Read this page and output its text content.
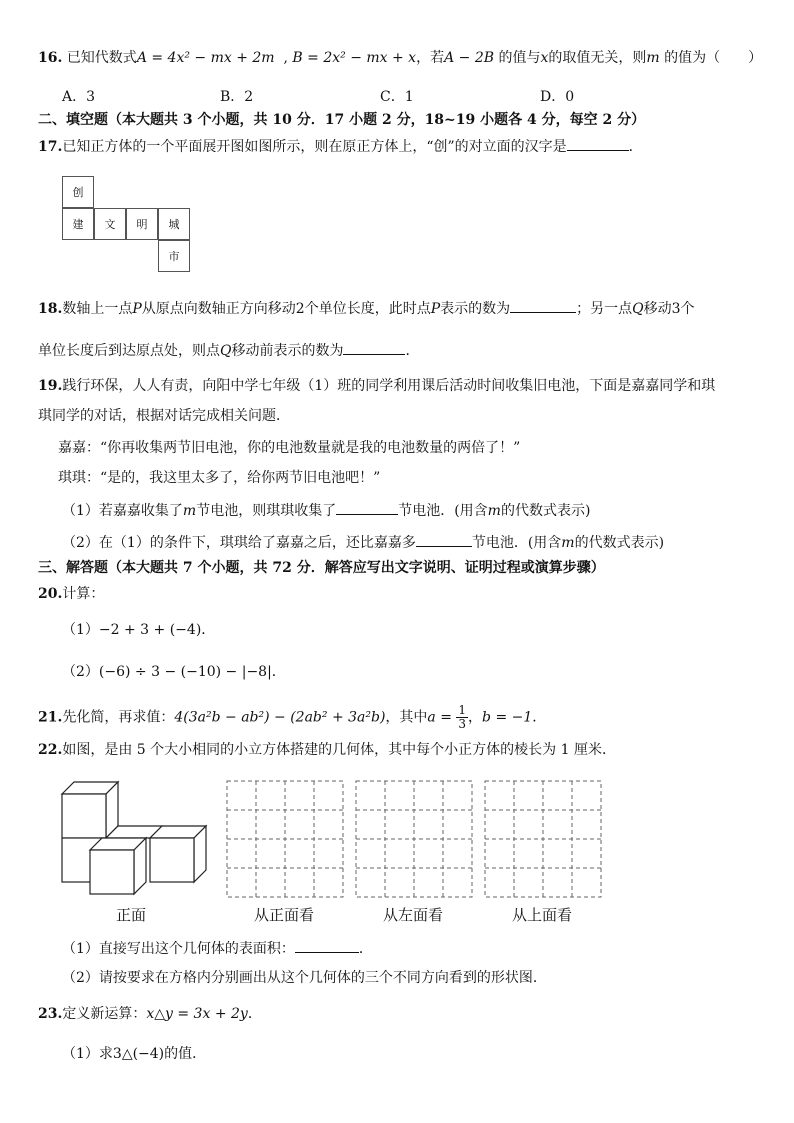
16. 已知代数式A = 4x² − mx + 2m  , B = 2x² − mx + x，若A − 2B 的值与x的取值无关，则m 的值为（　　）
A．3	B．2	C．1	D．0
二、填空题（本大题共 3 个小题，共 10 分．17 小题 2 分，18~19 小题各 4 分，每空 2 分）
17.已知正方体的一个平面展开图如图所示，则在原正方体上，“创”的对立面的汉字是	．
创
建	文	明	城
市
18.数轴上一点P从原点向数轴正方向移动2个单位长度，此时点P表示的数为	；另一点Q移动3个
单位长度后到达原点处，则点Q移动前表示的数为	．
19.践行环保，人人有责，向阳中学七年级（1）班的同学利用课后活动时间收集旧电池，下面是嘉嘉同学和琪
琪同学的对话，根据对话完成相关问题．
嘉嘉：“你再收集两节旧电池，你的电池数量就是我的电池数量的两倍了！”
琪琪：“是的，我这里太多了，给你两节旧电池吧！”
（1）若嘉嘉收集了m节电池，则琪琪收集了	节电池．(用含m的代数式表示)
（2）在（1）的条件下，琪琪给了嘉嘉之后，还比嘉嘉多	节电池．(用含m的代数式表示)
三、解答题（本大题共 7 个小题，共 72 分．解答应写出文字说明、证明过程或演算步骤）
20.计算：
（1）−2 + 3 + (−4)．
（2）(−6) ÷ 3 − (−10) − |−8|．
21.先化简，再求值：4(3a²b − ab²) − (2ab² + 3a²b)，其中$a = \frac{1}{3}$ ，b = −1．
22.如图，是由 5 个大小相同的小立方体搭建的几何体，其中每个小正方体的棱长为 1 厘米．
正面	从正面看	从左面看	从上面看
（1）直接写出这个几何体的表面积：	．
（2）请按要求在方格内分别画出从这个几何体的三个不同方向看到的形状图．
23.定义新运算：x△y = 3x + 2y．
（1）求3△(−4)的值．
